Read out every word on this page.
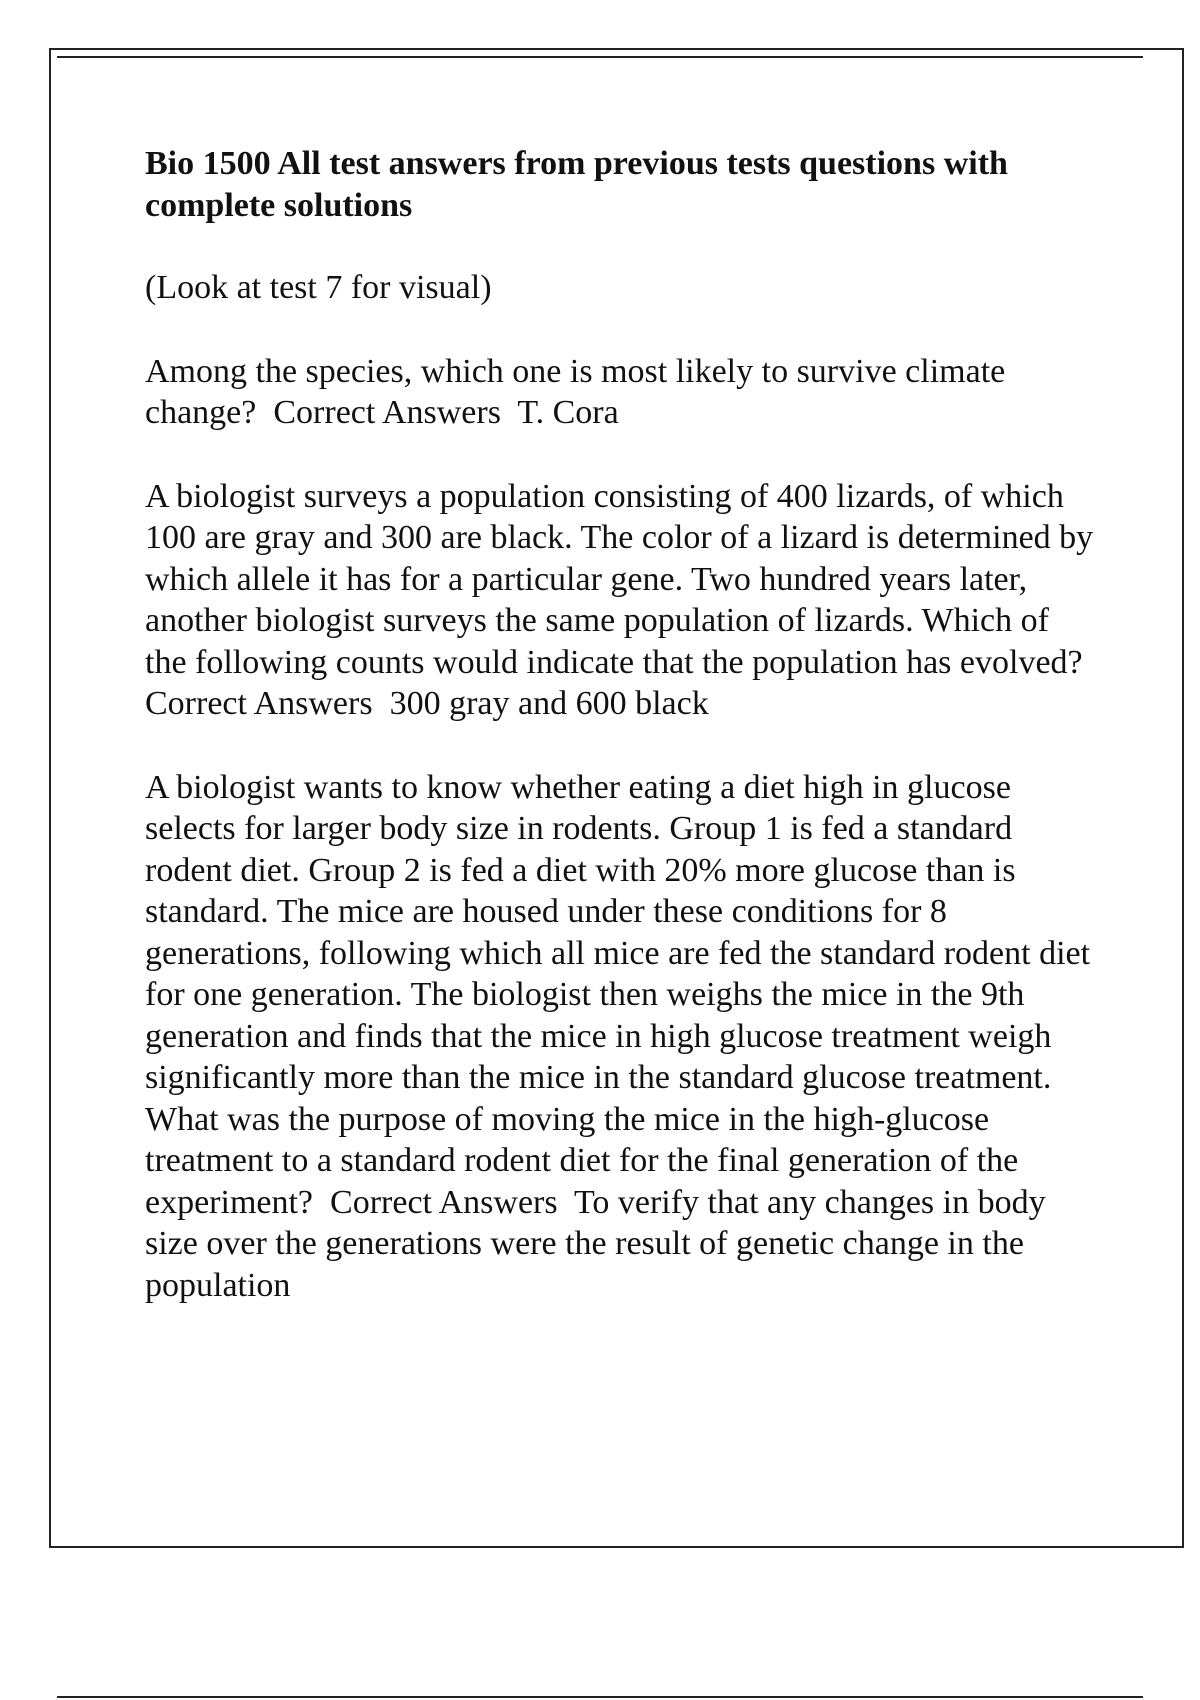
Bio 1500 All test answers from previous tests questions with complete solutions

(Look at test 7 for visual)

Among the species, which one is most likely to survive climate change? Correct Answers T. Cora

A biologist surveys a population consisting of 400 lizards, of which 100 are gray and 300 are black. The color of a lizard is determined by which allele it has for a particular gene. Two hundred years later, another biologist surveys the same population of lizards. Which of the following counts would indicate that the population has evolved?  Correct Answers 300 gray and 600 black

A biologist wants to know whether eating a diet high in glucose selects for larger body size in rodents. Group 1 is fed a standard rodent diet. Group 2 is fed a diet with 20% more glucose than is standard. The mice are housed under these conditions for 8 generations, following which all mice are fed the standard rodent diet for one generation. The biologist then weighs the mice in the 9th generation and finds that the mice in high glucose treatment weigh significantly more than the mice in the standard glucose treatment. What was the purpose of moving the mice in the high-glucose treatment to a standard rodent diet for the final generation of the experiment? Correct Answers To verify that any changes in body size over the generations were the result of genetic change in the population
